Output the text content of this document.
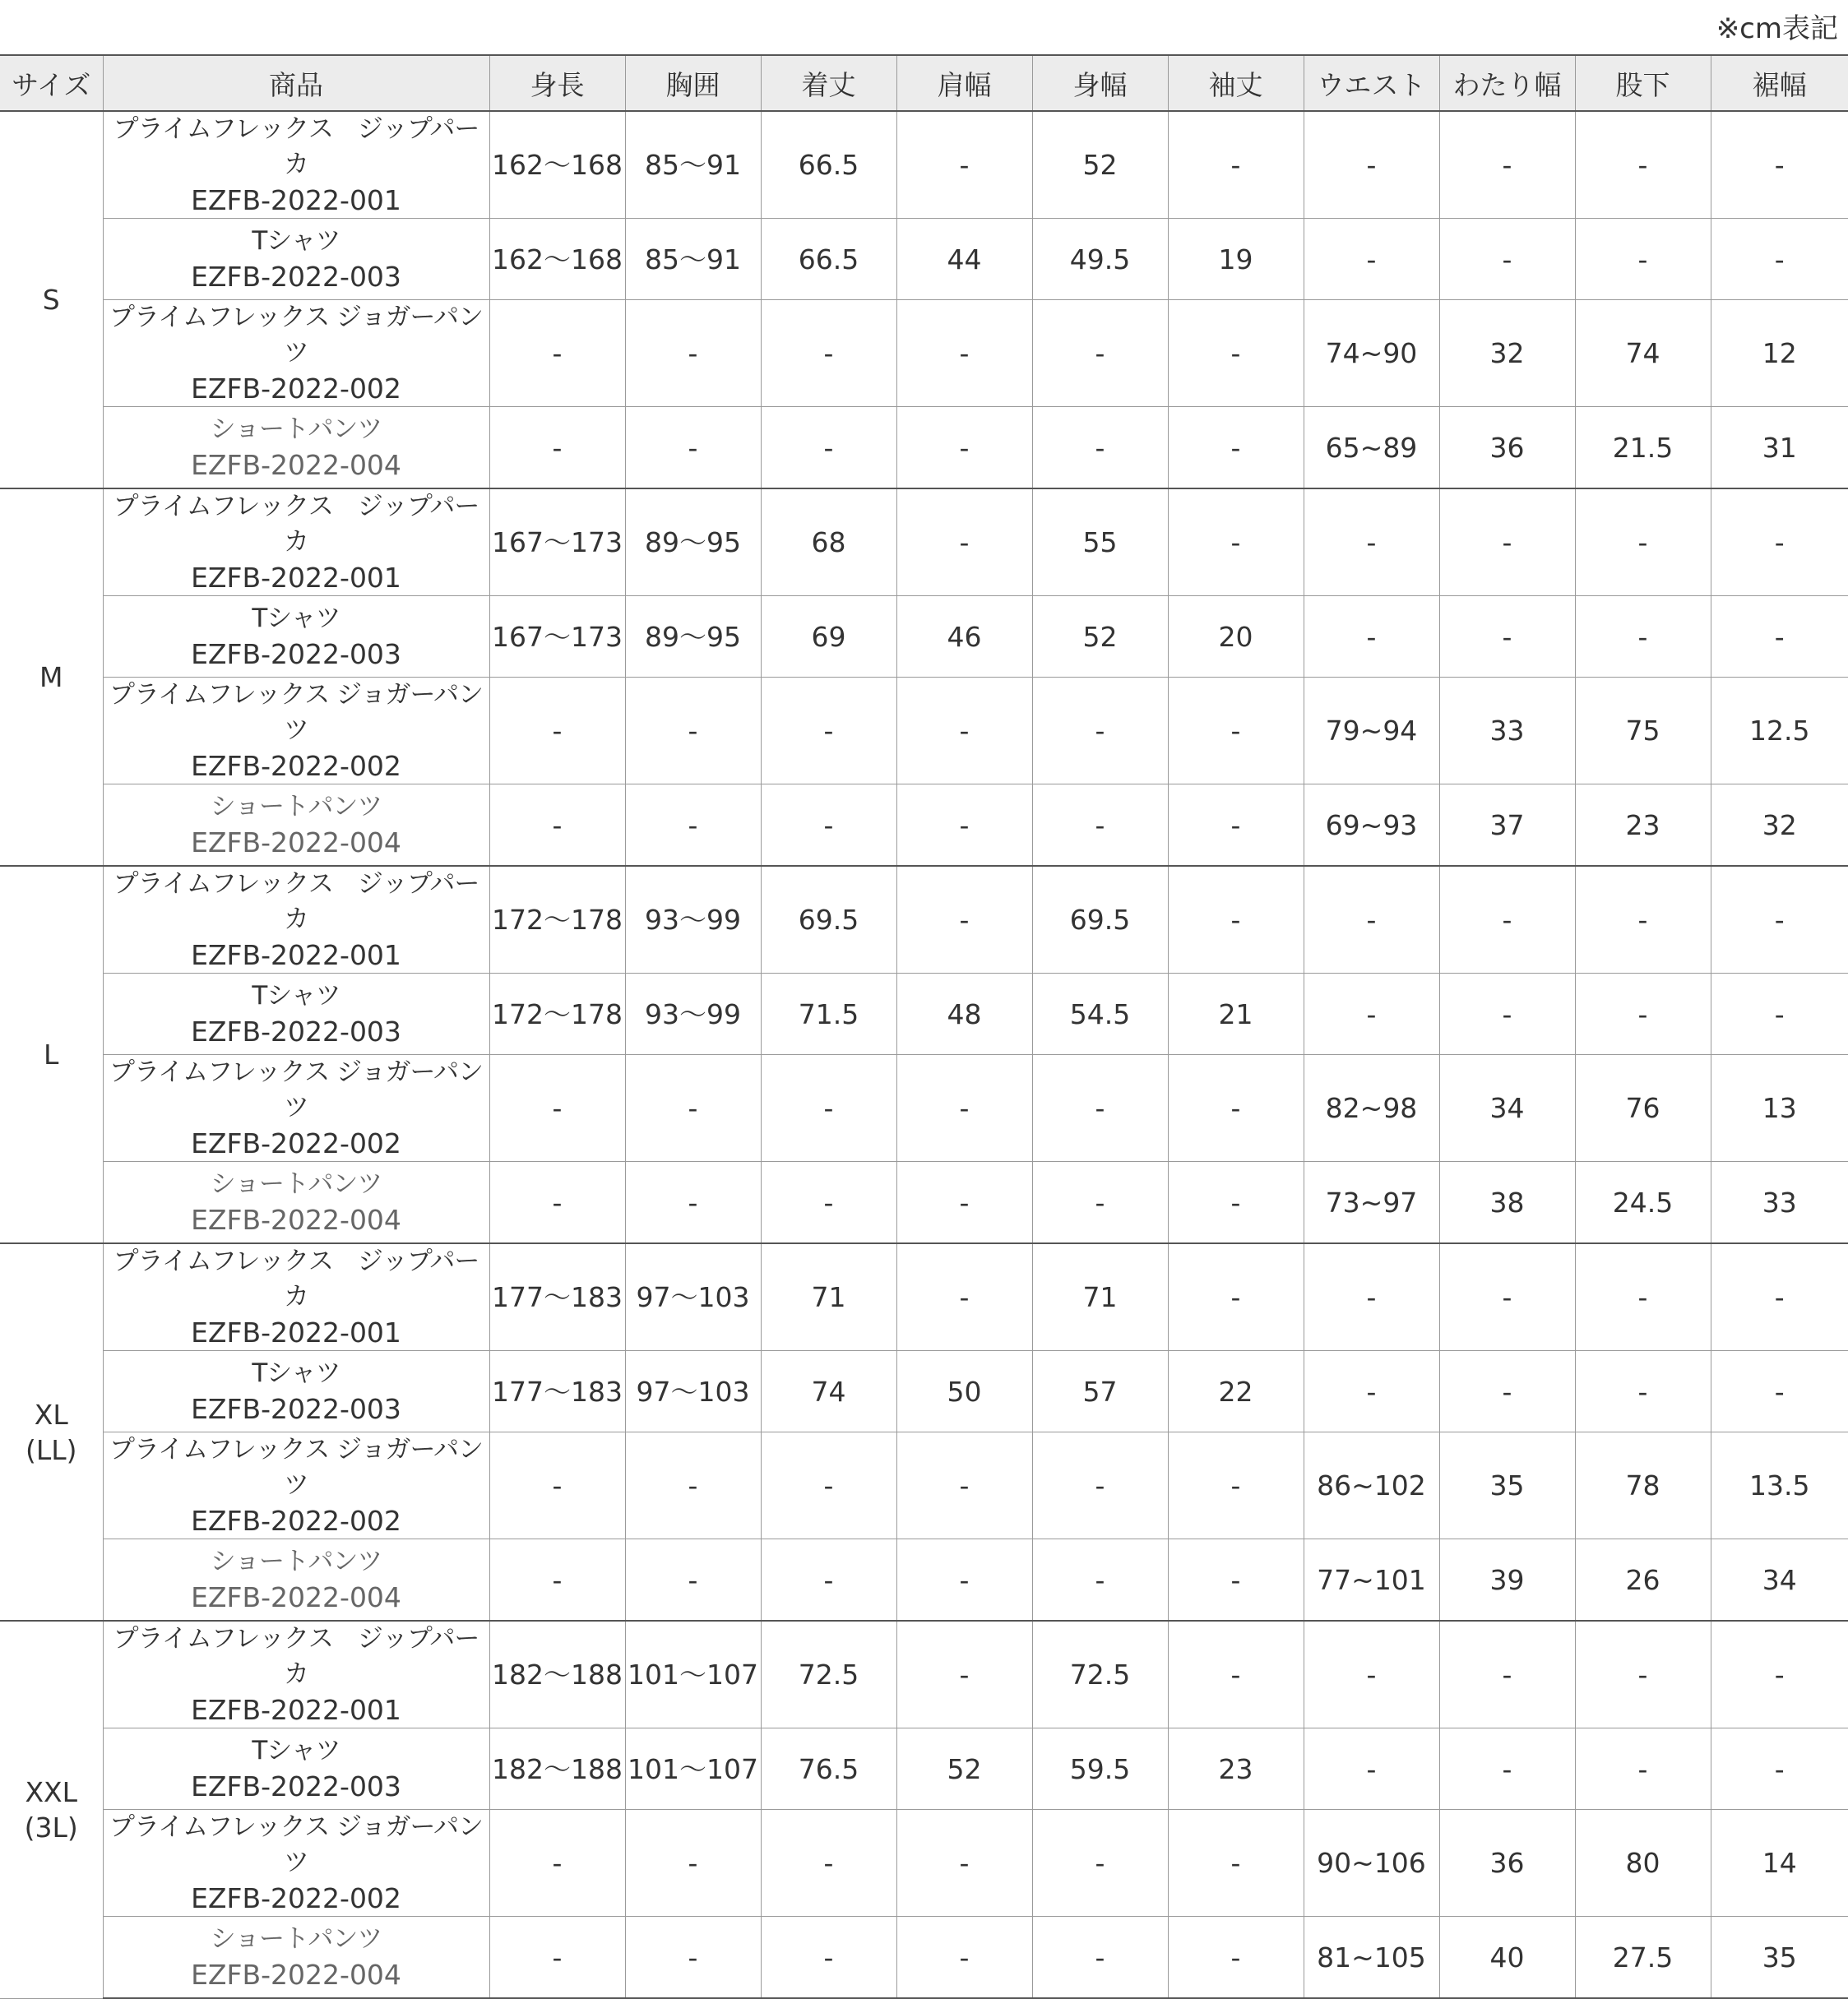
※cm表記
サイズ	商品	身長	胸囲	着丈	肩幅	身幅	袖丈	ウエスト	わたり幅	股下	裾幅

S	プライムフレックス　ジップパーカ
EZFB-2022-001	162～168	85～91	66.5	-	52	-	-	-	-	-

	Tシャツ
EZFB-2022-003	162～168	85～91	66.5	44	49.5	19	-	-	-	-

	プライムフレックス ジョガーパンツ
EZFB-2022-002	-	-	-	-	-	-	74~90	32	74	12

	ショートパンツ
EZFB-2022-004	-	-	-	-	-	-	65~89	36	21.5	31

M	プライムフレックス　ジップパーカ
EZFB-2022-001	167～173	89～95	68	-	55	-	-	-	-	-

	Tシャツ
EZFB-2022-003	167～173	89～95	69	46	52	20	-	-	-	-

	プライムフレックス ジョガーパンツ
EZFB-2022-002	-	-	-	-	-	-	79~94	33	75	12.5

	ショートパンツ
EZFB-2022-004	-	-	-	-	-	-	69~93	37	23	32

L	プライムフレックス　ジップパーカ
EZFB-2022-001	172～178	93～99	69.5	-	69.5	-	-	-	-	-

	Tシャツ
EZFB-2022-003	172～178	93～99	71.5	48	54.5	21	-	-	-	-

	プライムフレックス ジョガーパンツ
EZFB-2022-002	-	-	-	-	-	-	82~98	34	76	13

	ショートパンツ
EZFB-2022-004	-	-	-	-	-	-	73~97	38	24.5	33

XL
(LL)	プライムフレックス　ジップパーカ
EZFB-2022-001	177～183	97～103	71	-	71	-	-	-	-	-

	Tシャツ
EZFB-2022-003	177～183	97～103	74	50	57	22	-	-	-	-

	プライムフレックス ジョガーパンツ
EZFB-2022-002	-	-	-	-	-	-	86~102	35	78	13.5

	ショートパンツ
EZFB-2022-004	-	-	-	-	-	-	77~101	39	26	34

XXL
(3L)	プライムフレックス　ジップパーカ
EZFB-2022-001	182～188	101～107	72.5	-	72.5	-	-	-	-	-

	Tシャツ
EZFB-2022-003	182～188	101～107	76.5	52	59.5	23	-	-	-	-

	プライムフレックス ジョガーパンツ
EZFB-2022-002	-	-	-	-	-	-	90~106	36	80	14

	ショートパンツ
EZFB-2022-004	-	-	-	-	-	-	81~105	40	27.5	35
